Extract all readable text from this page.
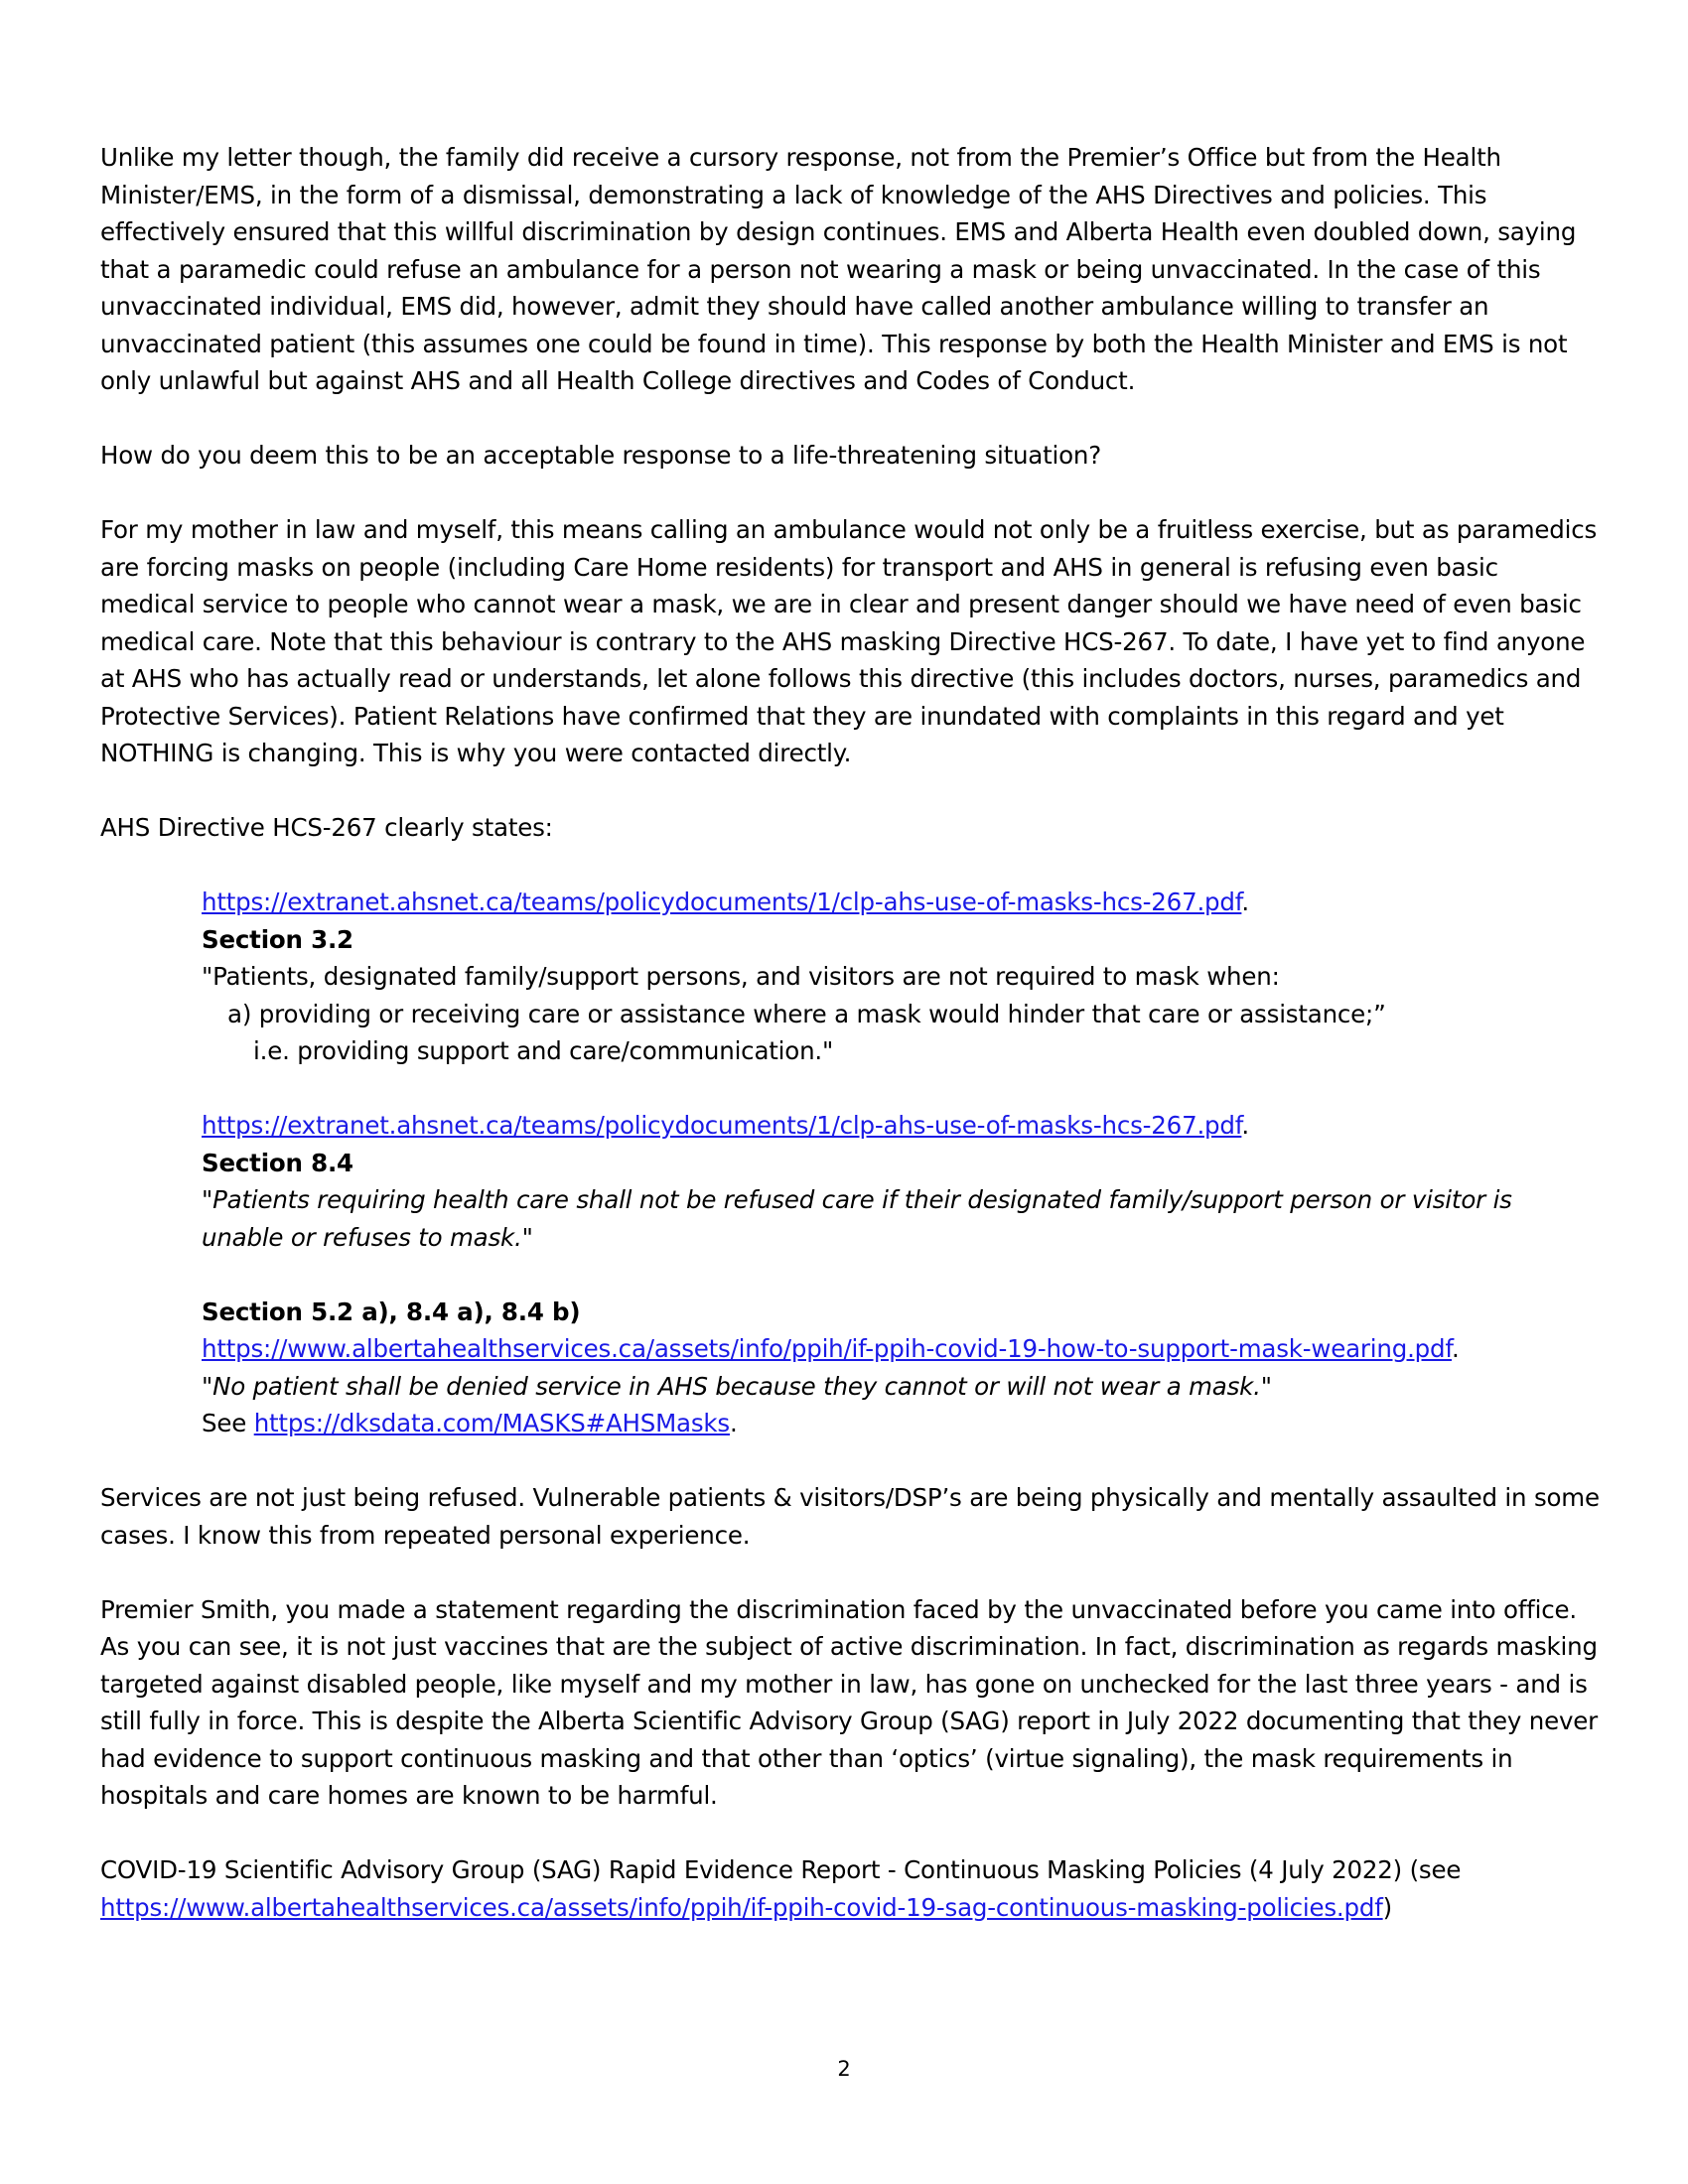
Unlike my letter though, the family did receive a cursory response, not from the Premier’s Office but from the Health Minister/EMS, in the form of a dismissal, demonstrating a lack of knowledge of the AHS Directives and policies. This effectively ensured that this willful discrimination by design continues. EMS and Alberta Health even doubled down, saying that a paramedic could refuse an ambulance for a person not wearing a mask or being unvaccinated. In the case of this unvaccinated individual, EMS did, however, admit they should have called another ambulance willing to transfer an unvaccinated patient (this assumes one could be found in time). This response by both the Health Minister and EMS is not only unlawful but against AHS and all Health College directives and Codes of Conduct.

How do you deem this to be an acceptable response to a life-threatening situation?

For my mother in law and myself, this means calling an ambulance would not only be a fruitless exercise, but as paramedics are forcing masks on people (including Care Home residents) for transport and AHS in general is refusing even basic medical service to people who cannot wear a mask, we are in clear and present danger should we have need of even basic medical care. Note that this behaviour is contrary to the AHS masking Directive HCS-267. To date, I have yet to find anyone at AHS who has actually read or understands, let alone follows this directive (this includes doctors, nurses, paramedics and Protective Services). Patient Relations have confirmed that they are inundated with complaints in this regard and yet NOTHING is changing. This is why you were contacted directly.

AHS Directive HCS-267 clearly states:

https://extranet.ahsnet.ca/teams/policydocuments/1/clp-ahs-use-of-masks-hcs-267.pdf.

Section 3.2

"Patients, designated family/support persons, and visitors are not required to mask when:

a) providing or receiving care or assistance where a mask would hinder that care or assistance;”

i.e. providing support and care/communication."

https://extranet.ahsnet.ca/teams/policydocuments/1/clp-ahs-use-of-masks-hcs-267.pdf.

Section 8.4

"Patients requiring health care shall not be refused care if their designated family/support person or visitor is unable or refuses to mask."

Section 5.2 a), 8.4 a), 8.4 b)

https://www.albertahealthservices.ca/assets/info/ppih/if-ppih-covid-19-how-to-support-mask-wearing.pdf.

"No patient shall be denied service in AHS because they cannot or will not wear a mask."

See https://dksdata.com/MASKS#AHSMasks.

Services are not just being refused. Vulnerable patients & visitors/DSP’s are being physically and mentally assaulted in some cases. I know this from repeated personal experience.

Premier Smith, you made a statement regarding the discrimination faced by the unvaccinated before you came into office. As you can see, it is not just vaccines that are the subject of active discrimination. In fact, discrimination as regards masking targeted against disabled people, like myself and my mother in law, has gone on unchecked for the last three years - and is still fully in force. This is despite the Alberta Scientific Advisory Group (SAG) report in July 2022 documenting that they never had evidence to support continuous masking and that other than ‘optics’ (virtue signaling), the mask requirements in hospitals and care homes are known to be harmful.

COVID-19 Scientific Advisory Group (SAG) Rapid Evidence Report - Continuous Masking Policies (4 July 2022) (see https://www.albertahealthservices.ca/assets/info/ppih/if-ppih-covid-19-sag-continuous-masking-policies.pdf)

2
